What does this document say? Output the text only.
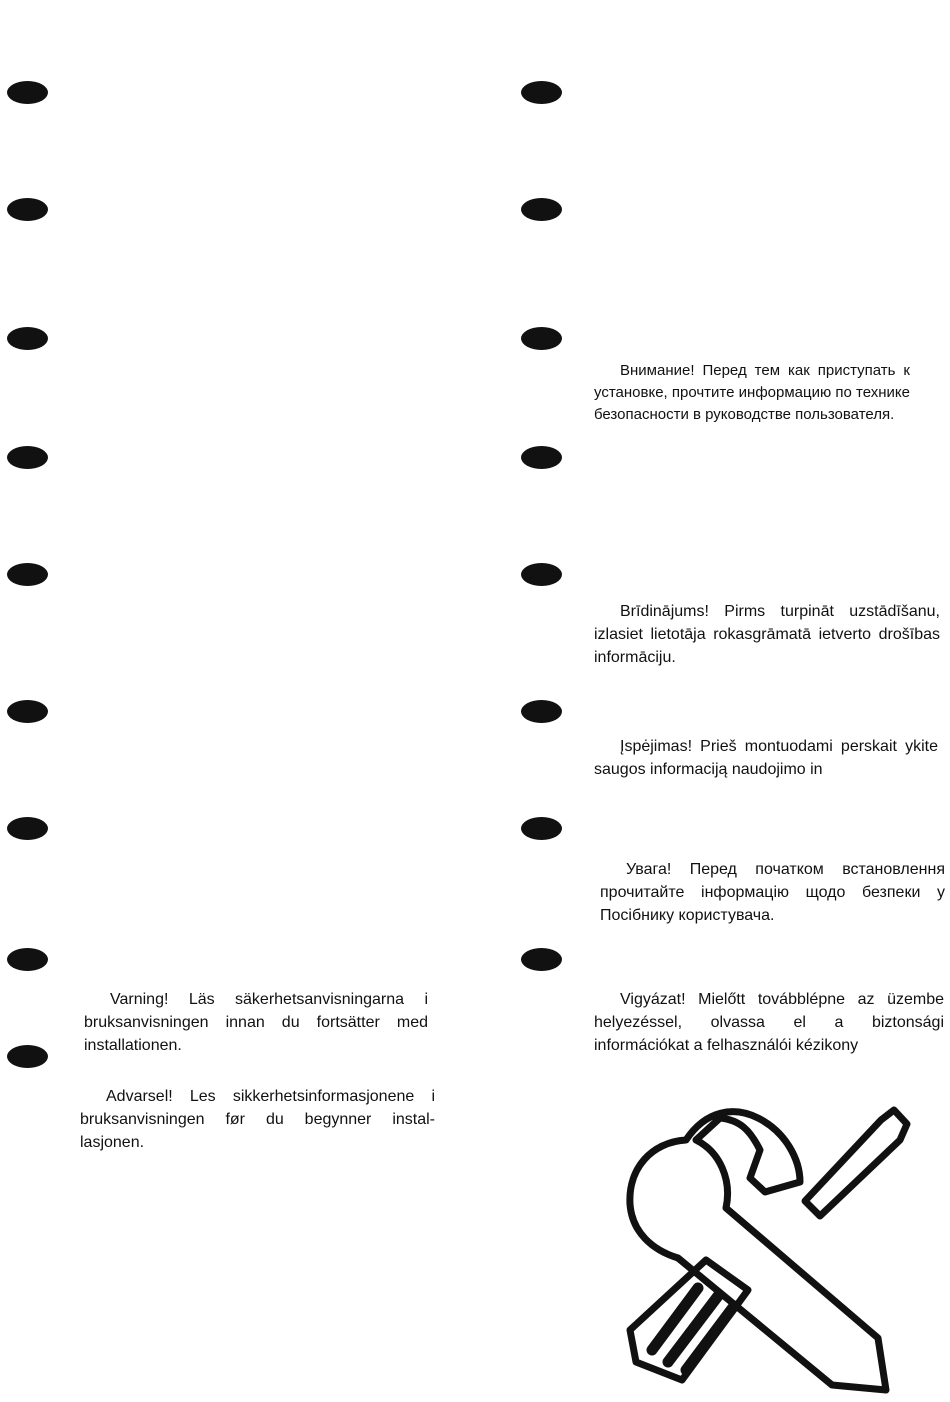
Varning! Läs säkerhetsanvisningarna i bruksanvisningen innan du fortsätter med installationen.
Advarsel! Les sikkerhetsinformasjonene i bruksanvisningen før du begynner instal- lasjonen.
Внимание! Перед тем как приступать к установке, прочтите информацию по технике безопасности в руководстве пользователя.
Brīdinājums! Pirms turpināt uzstādīšanu, izlasiet lietotāja rokasgrāmatā ietverto drošības informāciju.
Įspėjimas! Prieš montuodami perskait ykite saugos informaciją naudojimo in
Увага! Перед початком встановлення прочитайте інформацію щодо безпеки у Посібнику користувача.
Vigyázat! Mielőtt továbblépne az üzembe helyezéssel, olvassa el a biztonsági információkat a felhasználói kézikony
